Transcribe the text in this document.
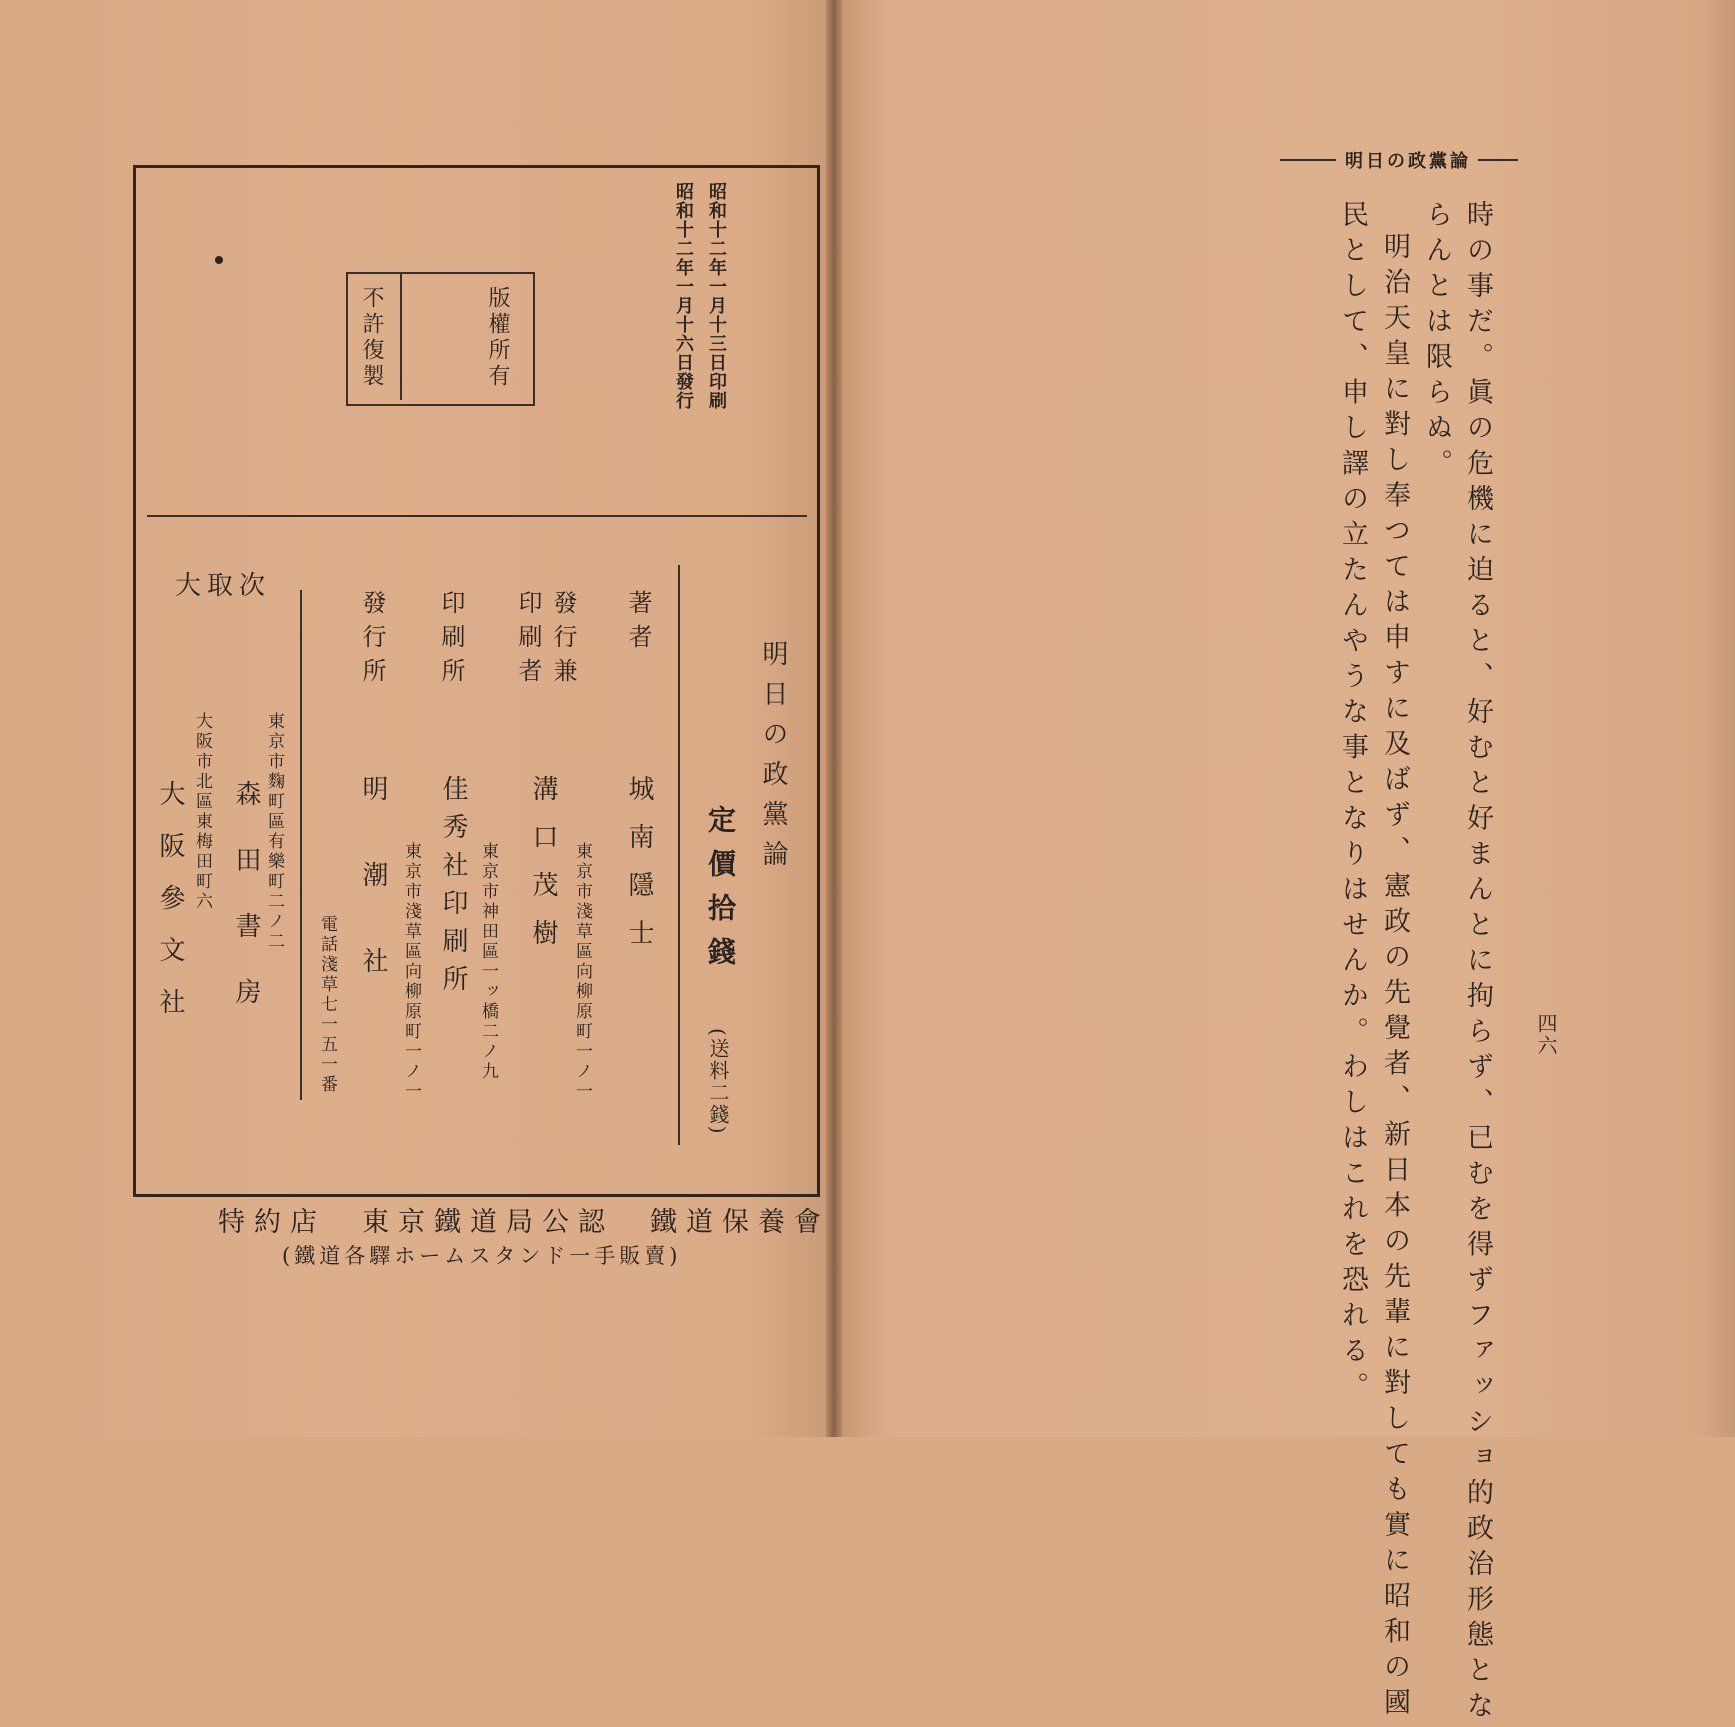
昭和十二年一月十三日印刷
昭和十二年一月十六日發行
版權所有
不許復製
明日の政黨論
定價拾錢
(送料二錢)
著者
城南隱士
東京市淺草區向柳原町一ノ一
發行兼印刷者
溝口茂樹
東京市神田區一ッ橋二ノ九
印刷所
佳秀社印刷所
東京市淺草區向柳原町一ノ一
發行所
明潮社
電話淺草七一五一番
大取次
東京市麴町區有樂町二ノ二
森田書房
大阪市北區東梅田町六
大阪參文社
特約店　東京鐵道局公認　鐵道保養會
(鐵道各驛ホームスタンド一手販賣)
明日の政黨論
四六
時の事だ。眞の危機に迫ると、好むと好まんとに拘らず、已むを得ずファッショ的政治形態とな
らんとは限らぬ。
明治天皇に對し奉つては申すに及ばず、憲政の先覺者、新日本の先輩に對しても實に昭和の國
民として、申し譯の立たんやうな事となりはせんか。わしはこれを恐れる。
